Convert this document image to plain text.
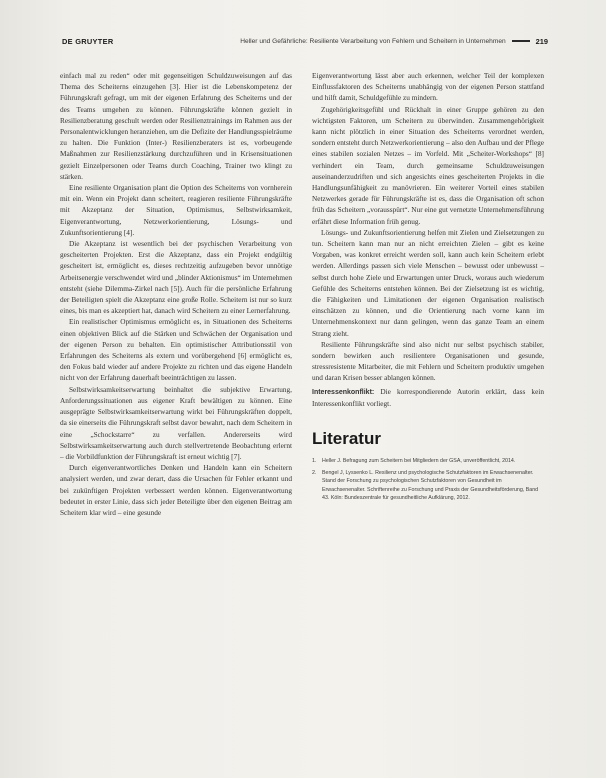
DE GRUYTER	Heller und Gefährliche: Resiliente Verarbeitung von Fehlern und Scheitern in Unternehmen	219

einfach mal zu reden“ oder mit gegenseitigen Schuldzuweisungen auf das Thema des Scheiterns einzugehen [3]. Hier ist die Lebenskompetenz der Führungskraft gefragt, um mit der eigenen Erfahrung des Scheiterns und der des Teams umgehen zu können. Führungskräfte können gezielt in Resilienzberatung geschult werden oder Resilienztrainings im Rahmen aus der Personalentwicklungen heranziehen, um die Defizite der Handlungsspielräume zu halten. Die Funktion (Inter-) Resilienzberaters ist es, vorbeugende Maßnahmen zur Resilienzstärkung durchzuführen und in Krisensituationen gezielt Einzelpersonen oder Teams durch Coaching, Trainer two klingt zu stärken.

Eine resiliente Organisation plant die Option des Scheiterns von vornherein mit ein. Wenn ein Projekt dann scheitert, reagieren resiliente Führungskräfte mit Akzeptanz der Situation, Optimismus, Selbstwirksamkeit, Eigenverantwortung, Netzwerkorientierung, Lösungs- und Zukunftsorientierung [4].

Die Akzeptanz ist wesentlich bei der psychischen Verarbeitung von gescheiterten Projekten. Erst die Akzeptanz, dass ein Projekt endgültig gescheitert ist, ermöglicht es, dieses rechtzeitig aufzugeben bevor unnötige Arbeitsenergie verschwendet wird und „blinder Aktionismus“ im Unternehmen entsteht (siehe Dilemma-Zirkel nach [5]). Auch für die persönliche Erfahrung der Beteiligten spielt die Akzeptanz eine große Rolle. Scheitern ist nur so kurz eines, bis man es akzeptiert hat, danach wird Scheitern zu einer Lernerfahrung.

Ein realistischer Optimismus ermöglicht es, in Situationen des Scheiterns einen objektiven Blick auf die Stärken und Schwächen der Organisation und der eigenen Person zu behalten. Ein optimistischer Attributionsstil von Erfahrungen des Scheiterns als extern und vorübergehend [6] ermöglicht es, den Fokus bald wieder auf andere Projekte zu richten und das eigene Handeln nicht von der Erfahrung dauerhaft beeinträchtigen zu lassen.

Selbstwirksamkeitserwartung beinhaltet die subjektive Erwartung, Anforderungssituationen aus eigener Kraft bewältigen zu können. Eine ausgeprägte Selbstwirksamkeitserwartung wirkt bei Führungskräften doppelt, da sie einerseits die Führungskraft selbst davor bewahrt, nach dem Scheitern in eine „Schockstarre“ zu verfallen. Andererseits wird Selbstwirksamkeitserwartung auch durch stellvertretende Beobachtung erlernt – die Vorbildfunktion der Führungskraft ist erneut wichtig [7].

Durch eigenverantwortliches Denken und Handeln kann ein Scheitern analysiert werden, und zwar derart, dass die Ursachen für Fehler erkannt und bei zukünftigen Projekten verbessert werden können. Eigenverantwortung bedeutet in erster Linie, dass sich jeder Beteiligte über den eigenen Beitrag am Scheitern klar wird – eine gesunde

Eigenverantwortung lässt aber auch erkennen, welcher Teil der komplexen Einflussfaktoren des Scheiterns unabhängig von der eigenen Person stattfand und hilft damit, Schuldgefühle zu mindern.

Zugehörigkeitsgefühl und Rückhalt in einer Gruppe gehören zu den wichtigsten Faktoren, um Scheitern zu überwinden. Zusammengehörigkeit kann nicht plötzlich in einer Situation des Scheiterns verordnet werden, sondern entsteht durch Netzwerkorientierung – also den Aufbau und der Pflege eines stabilen sozialen Netzes – im Vorfeld. Mit „Scheiter-Workshops“ [8] verhindert ein Team, durch gemeinsame Schuldzuweisungen auseinanderzudriften und sich angesichts eines gescheiterten Projekts in die Handlungsunfähigkeit zu manövrieren. Ein weiterer Vorteil eines stabilen Netzwerkes gerade für Führungskräfte ist es, dass die Organisation oft schon früh das Scheitern „vorausspürt“. Nur eine gut vernetzte Unternehmensführung erfährt diese Information früh genug.

Lösungs- und Zukunftsorientierung helfen mit Zielen und Zielsetzungen zu tun. Scheitern kann man nur an nicht erreichten Zielen – gibt es keine Vorgaben, was konkret erreicht werden soll, kann auch kein Scheitern erlebt werden. Allerdings passen sich viele Menschen – bewusst oder unbewusst – selbst durch hohe Ziele und Erwartungen unter Druck, woraus auch wiederum Gefühle des Scheiterns entstehen können. Bei der Zielsetzung ist es wichtig, die Fähigkeiten und Limitationen der eigenen Organisation realistisch einschätzen zu können, und die Orientierung nach vorne kann im Unternehmenskontext nur dann gelingen, wenn das ganze Team an einem Strang zieht.

Resiliente Führungskräfte sind also nicht nur selbst psychisch stabiler, sondern bewirken auch resilientere Organisationen und gesunde, stressresistente Mitarbeiter, die mit Fehlern und Scheitern produktiv umgehen und daran Krisen besser ablangen können.

Interessenkonflikt: Die korrespondierende Autorin erklärt, dass kein Interessenkonflikt vorliegt.

Literatur
1.	Heller J. Befragung zum Scheitern bei Mitgliedern der GSA, unveröffentlicht, 2014.
2.	Bengel J, Lyssenko L. Resilienz und psychologische Schutzfaktoren im Erwachsenenalter. Stand der Forschung zu psychologischen Schutzfaktoren von Gesundheit im Erwachsenenalter. Schriftenreihe zu Forschung und Praxis der Gesundheitsförderung, Band 43. Köln: Bundeszentrale für gesundheitliche Aufklärung, 2012.
